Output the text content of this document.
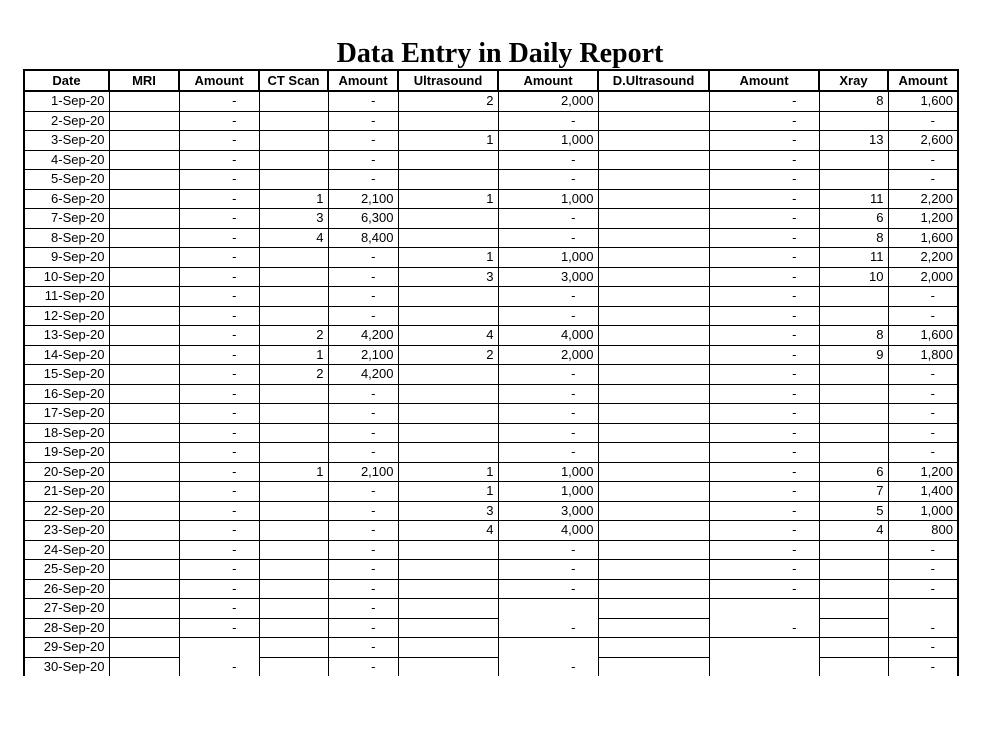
Data Entry in Daily Report
Date	MRI	Amount	CT Scan	Amount	Ultrasound	Amount	D.Ultrasound	Amount	Xray	Amount
1-Sep-20		-		-	2	2,000		-	8	1,600
2-Sep-20		-		-		-		-		-
3-Sep-20		-		-	1	1,000		-	13	2,600
4-Sep-20		-		-		-		-		-
5-Sep-20		-		-		-		-		-
6-Sep-20		-	1	2,100	1	1,000		-	11	2,200
7-Sep-20		-	3	6,300		-		-	6	1,200
8-Sep-20		-	4	8,400		-		-	8	1,600
9-Sep-20		-		-	1	1,000		-	11	2,200
10-Sep-20		-		-	3	3,000		-	10	2,000
11-Sep-20		-		-		-		-		-
12-Sep-20		-		-		-		-		-
13-Sep-20		-	2	4,200	4	4,000		-	8	1,600
14-Sep-20		-	1	2,100	2	2,000		-	9	1,800
15-Sep-20		-	2	4,200		-		-		-
16-Sep-20		-		-		-		-		-
17-Sep-20		-		-		-		-		-
18-Sep-20		-		-		-		-		-
19-Sep-20		-		-		-		-		-
20-Sep-20		-	1	2,100	1	1,000		-	6	1,200
21-Sep-20		-		-	1	1,000		-	7	1,400
22-Sep-20		-		-	3	3,000		-	5	1,000
23-Sep-20		-		-	4	4,000		-	4	800
24-Sep-20		-		-		-		-		-
25-Sep-20		-		-		-		-		-
26-Sep-20		-		-		-		-		-
27-Sep-20		-		-						
28-Sep-20		-		-		-		-		-
29-Sep-20				-						-
30-Sep-20		-		-		-				-
